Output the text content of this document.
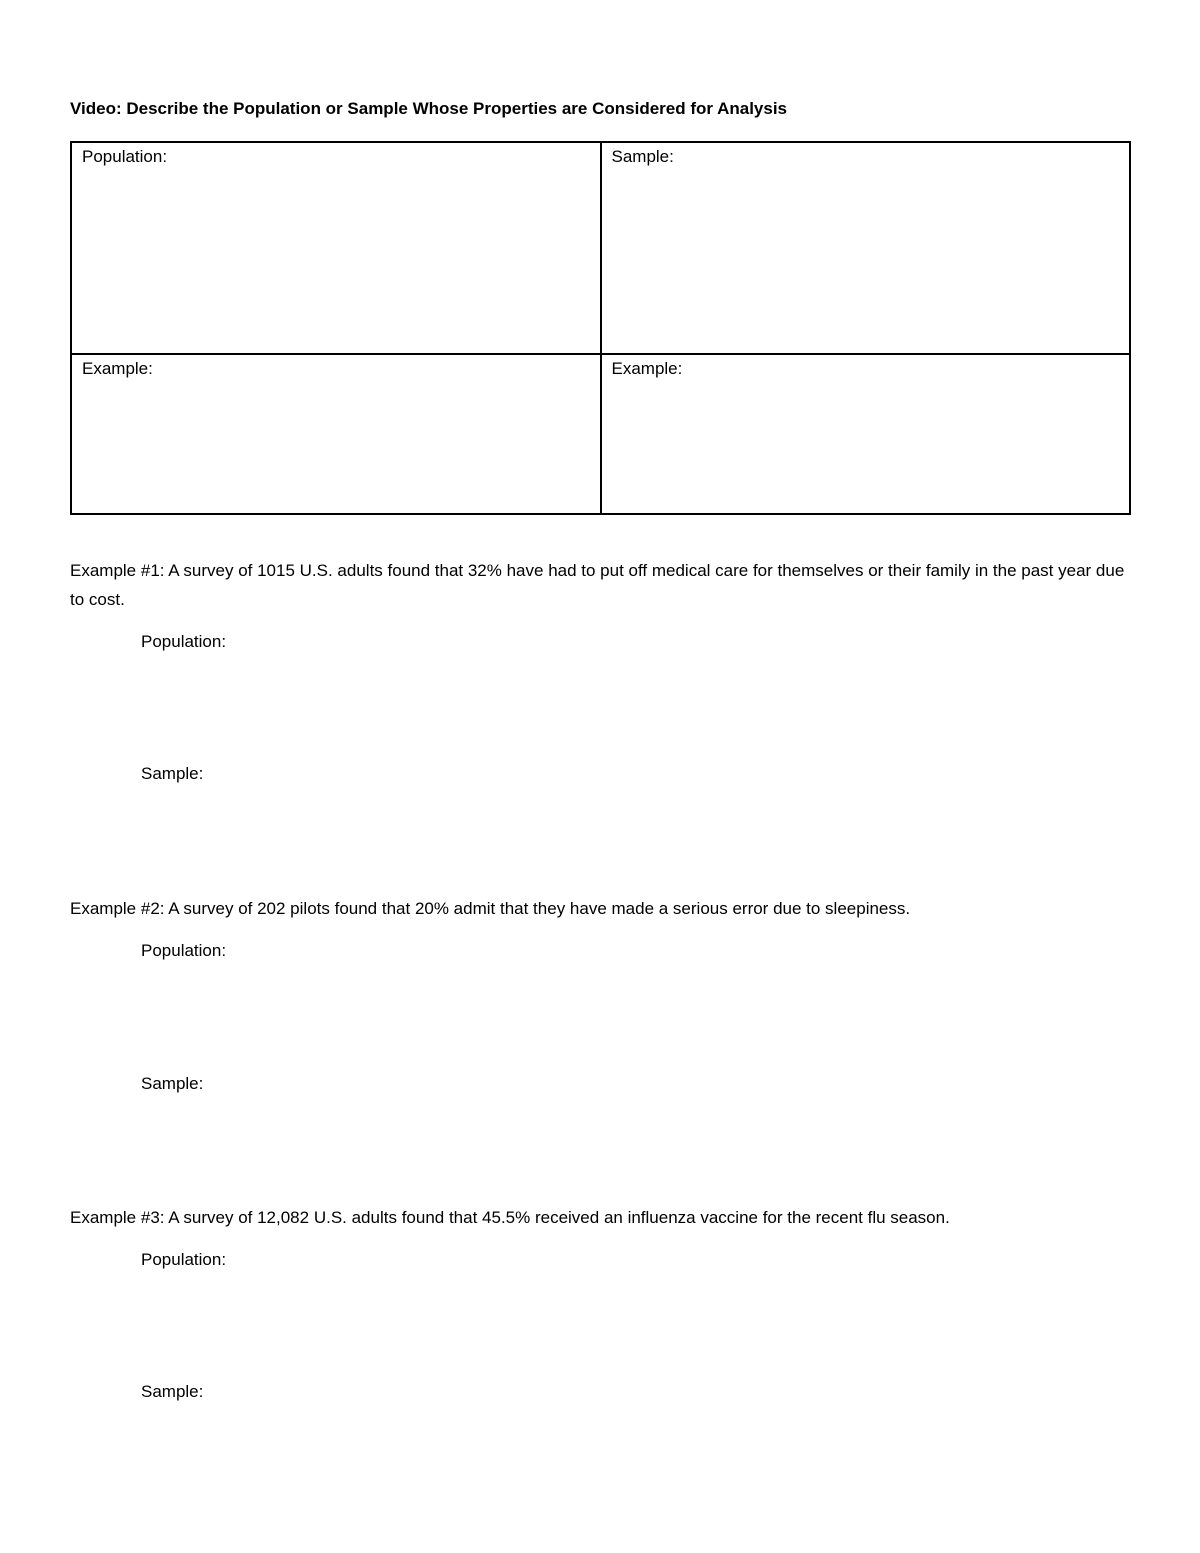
Video: Describe the Population or Sample Whose Properties are Considered for Analysis
Population:	Sample:
Example:	Example:
Example #1: A survey of 1015 U.S. adults found that 32% have had to put off medical care for themselves or their family in the past year due to cost.
Population:
Sample:
Example #2: A survey of 202 pilots found that 20% admit that they have made a serious error due to sleepiness.
Population:
Sample:
Example #3: A survey of 12,082 U.S. adults found that 45.5% received an influenza vaccine for the recent flu season.
Population:
Sample:
